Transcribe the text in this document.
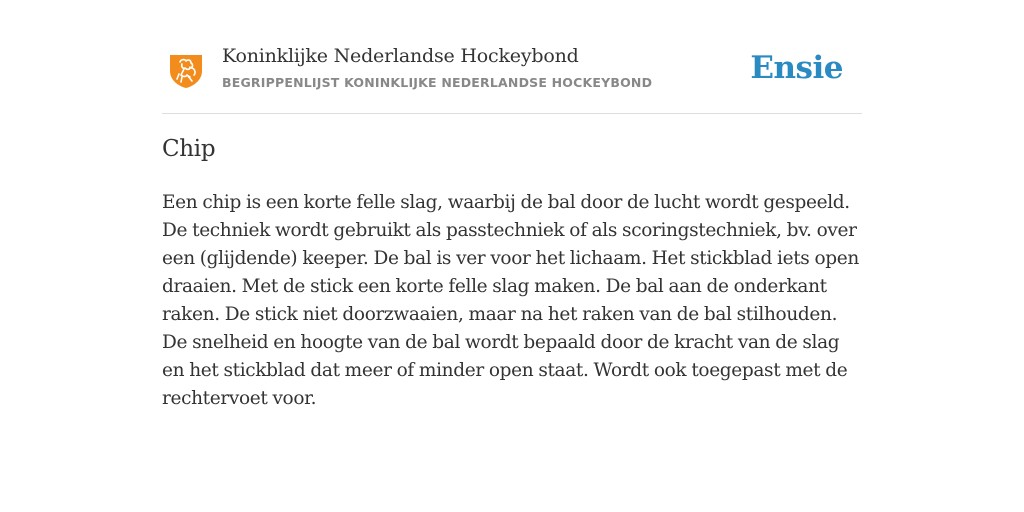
Koninklijke Nederlandse Hockeybond
BEGRIPPENLIJST KONINKLIJKE NEDERLANDSE HOCKEYBOND	Ensie
Chip

Een chip is een korte felle slag, waarbij de bal door de lucht wordt gespeeld. De techniek wordt gebruikt als passtechniek of als scoringstechniek, bv. over een (glijdende) keeper. De bal is ver voor het lichaam. Het stickblad iets open draaien. Met de stick een korte felle slag maken. De bal aan de onderkant raken. De stick niet doorzwaaien, maar na het raken van de bal stilhouden. De snelheid en hoogte van de bal wordt bepaald door de kracht van de slag en het stickblad dat meer of minder open staat. Wordt ook toegepast met de rechtervoet voor.
